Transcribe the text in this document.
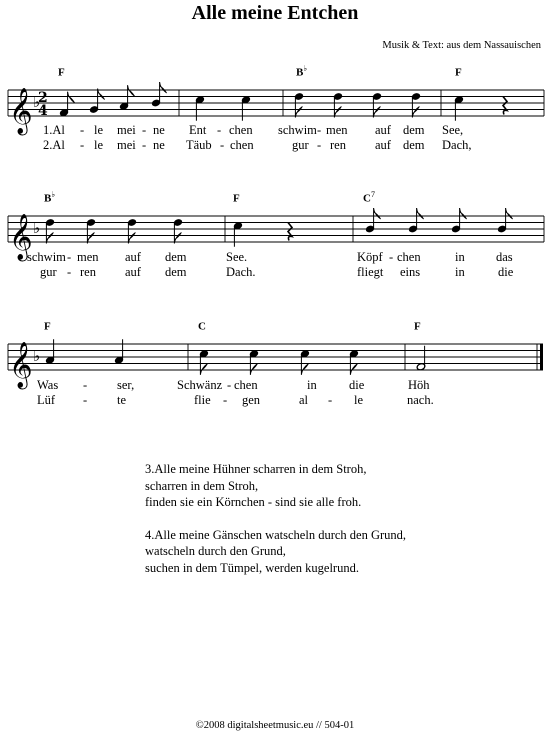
Alle meine Entchen
Musik & Text: aus dem Nassauischen
𝄞 ♭
2
4
F	B♭	F
1.Al - le mei - ne Ent - chen schwim - men auf dem See,
2.Al - le mei - ne Täub - chen	gur - ren auf dem Dach,
𝄞 ♭
B♭	F	$C^7$
schwim - men auf dem	See.	Köpf - chen	in	das
gur - ren auf dem	Dach.	fliegt eins	in	die
𝄞 ♭
F	C	F
Was - ser,	Schwänz - chen	in	die	Höh
Lüf - te	flie - gen	al - le	nach.
3.Alle meine Hühner scharren in dem Stroh,
scharren in dem Stroh,
finden sie ein Körnchen - sind sie alle froh.
4.Alle meine Gänschen watscheln durch den Grund,
watscheln durch den Grund,
suchen in dem Tümpel, werden kugelrund.
©2008 digitalsheetmusic.eu // 504-01
